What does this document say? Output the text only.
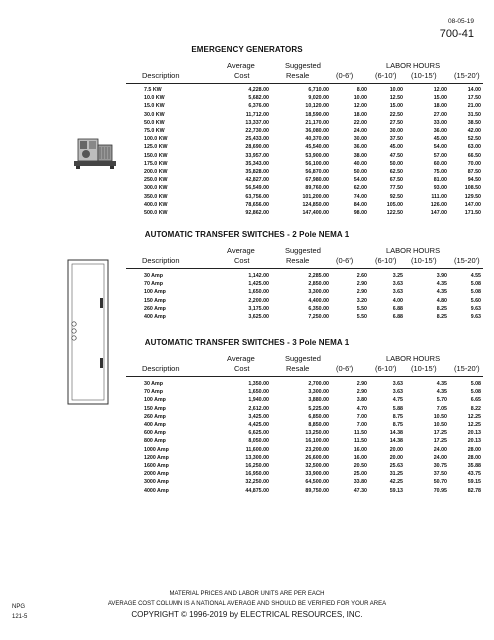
08-05-19
700-41
EMERGENCY GENERATORS
Average	Suggested	LABOR HOURS
Description	Cost	Resale	(0-6')	(6-10') (10-15') (15-20')
7.5 KW	4,228.00	6,710.00	8.00	10.00	12.00	14.00
10.0 KW	5,682.00	9,020.00	10.00	12.50	15.00	17.50
15.0 KW	6,376.00	10,120.00	12.00	15.00	18.00	21.00
30.0 KW	11,712.00	18,590.00	18.00	22.50	27.00	31.50
50.0 KW	13,337.00	21,170.00	22.00	27.50	33.00	38.50
75.0 KW	22,730.00	36,080.00	24.00	30.00	36.00	42.00
100.0 KW	25,433.00	40,370.00	30.00	37.50	45.00	52.50
125.0 KW	28,690.00	45,540.00	36.00	45.00	54.00	63.00
150.0 KW	33,957.00	53,900.00	38.00	47.50	57.00	66.50
175.0 KW	35,343.00	56,100.00	40.00	50.00	60.00	70.00
200.0 KW	35,828.00	56,870.00	50.00	62.50	75.00	87.50
250.0 KW	42,827.00	67,980.00	54.00	67.50	81.00	94.50
300.0 KW	56,549.00	89,760.00	62.00	77.50	93.00	108.50
350.0 KW	63,756.00	101,200.00	74.00	92.50	111.00	129.50
400.0 KW	78,656.00	124,850.00	84.00	105.00	126.00	147.00
500.0 KW	92,862.00	147,400.00	98.00	122.50	147.00	171.50
AUTOMATIC TRANSFER SWITCHES - 2 Pole NEMA 1
Average	Suggested	LABOR HOURS
Description	Cost	Resale	(0-6')	(6-10') (10-15') (15-20')
30 Amp	1,142.00	2,285.00	2.60	3.25	3.90	4.55
70 Amp	1,425.00	2,850.00	2.90	3.63	4.35	5.08
100 Amp	1,650.00	3,300.00	2.90	3.63	4.35	5.08
150 Amp	2,200.00	4,400.00	3.20	4.00	4.80	5.60
260 Amp	3,175.00	6,350.00	5.50	6.88	8.25	9.63
400 Amp	3,625.00	7,250.00	5.50	6.88	8.25	9.63
AUTOMATIC TRANSFER SWITCHES - 3 Pole NEMA 1
Average	Suggested	LABOR HOURS
Description	Cost	Resale	(0-6')	(6-10') (10-15') (15-20')
30 Amp	1,350.00	2,700.00	2.90	3.63	4.35	5.08
70 Amp	1,650.00	3,300.00	2.90	3.63	4.35	5.08
100 Amp	1,940.00	3,880.00	3.80	4.75	5.70	6.65
150 Amp	2,612.00	5,225.00	4.70	5.88	7.05	8.22
260 Amp	3,425.00	6,850.00	7.00	8.75	10.50	12.25
400 Amp	4,425.00	8,850.00	7.00	8.75	10.50	12.25
600 Amp	6,625.00	13,250.00	11.50	14.38	17.25	20.13
800 Amp	8,050.00	16,100.00	11.50	14.38	17.25	20.13
1000 Amp	11,600.00	23,200.00	16.00	20.00	24.00	28.00
1200 Amp	13,300.00	26,600.00	16.00	20.00	24.00	28.00
1600 Amp	16,250.00	32,500.00	20.50	25.63	30.75	35.88
2000 Amp	16,950.00	33,900.00	25.00	31.25	37.50	43.75
3000 Amp	32,250.00	64,500.00	33.80	42.25	50.70	59.15
4000 Amp	44,875.00	89,750.00	47.30	59.13	70.95	82.78
MATERIAL PRICES AND LABOR UNITS ARE PER EACH
AVERAGE COST COLUMN IS A NATIONAL AVERAGE AND SHOULD BE VERIFIED FOR YOUR AREA
COPYRIGHT © 1996-2019 by ELECTRICAL RESOURCES, INC.
NPG
121-5
